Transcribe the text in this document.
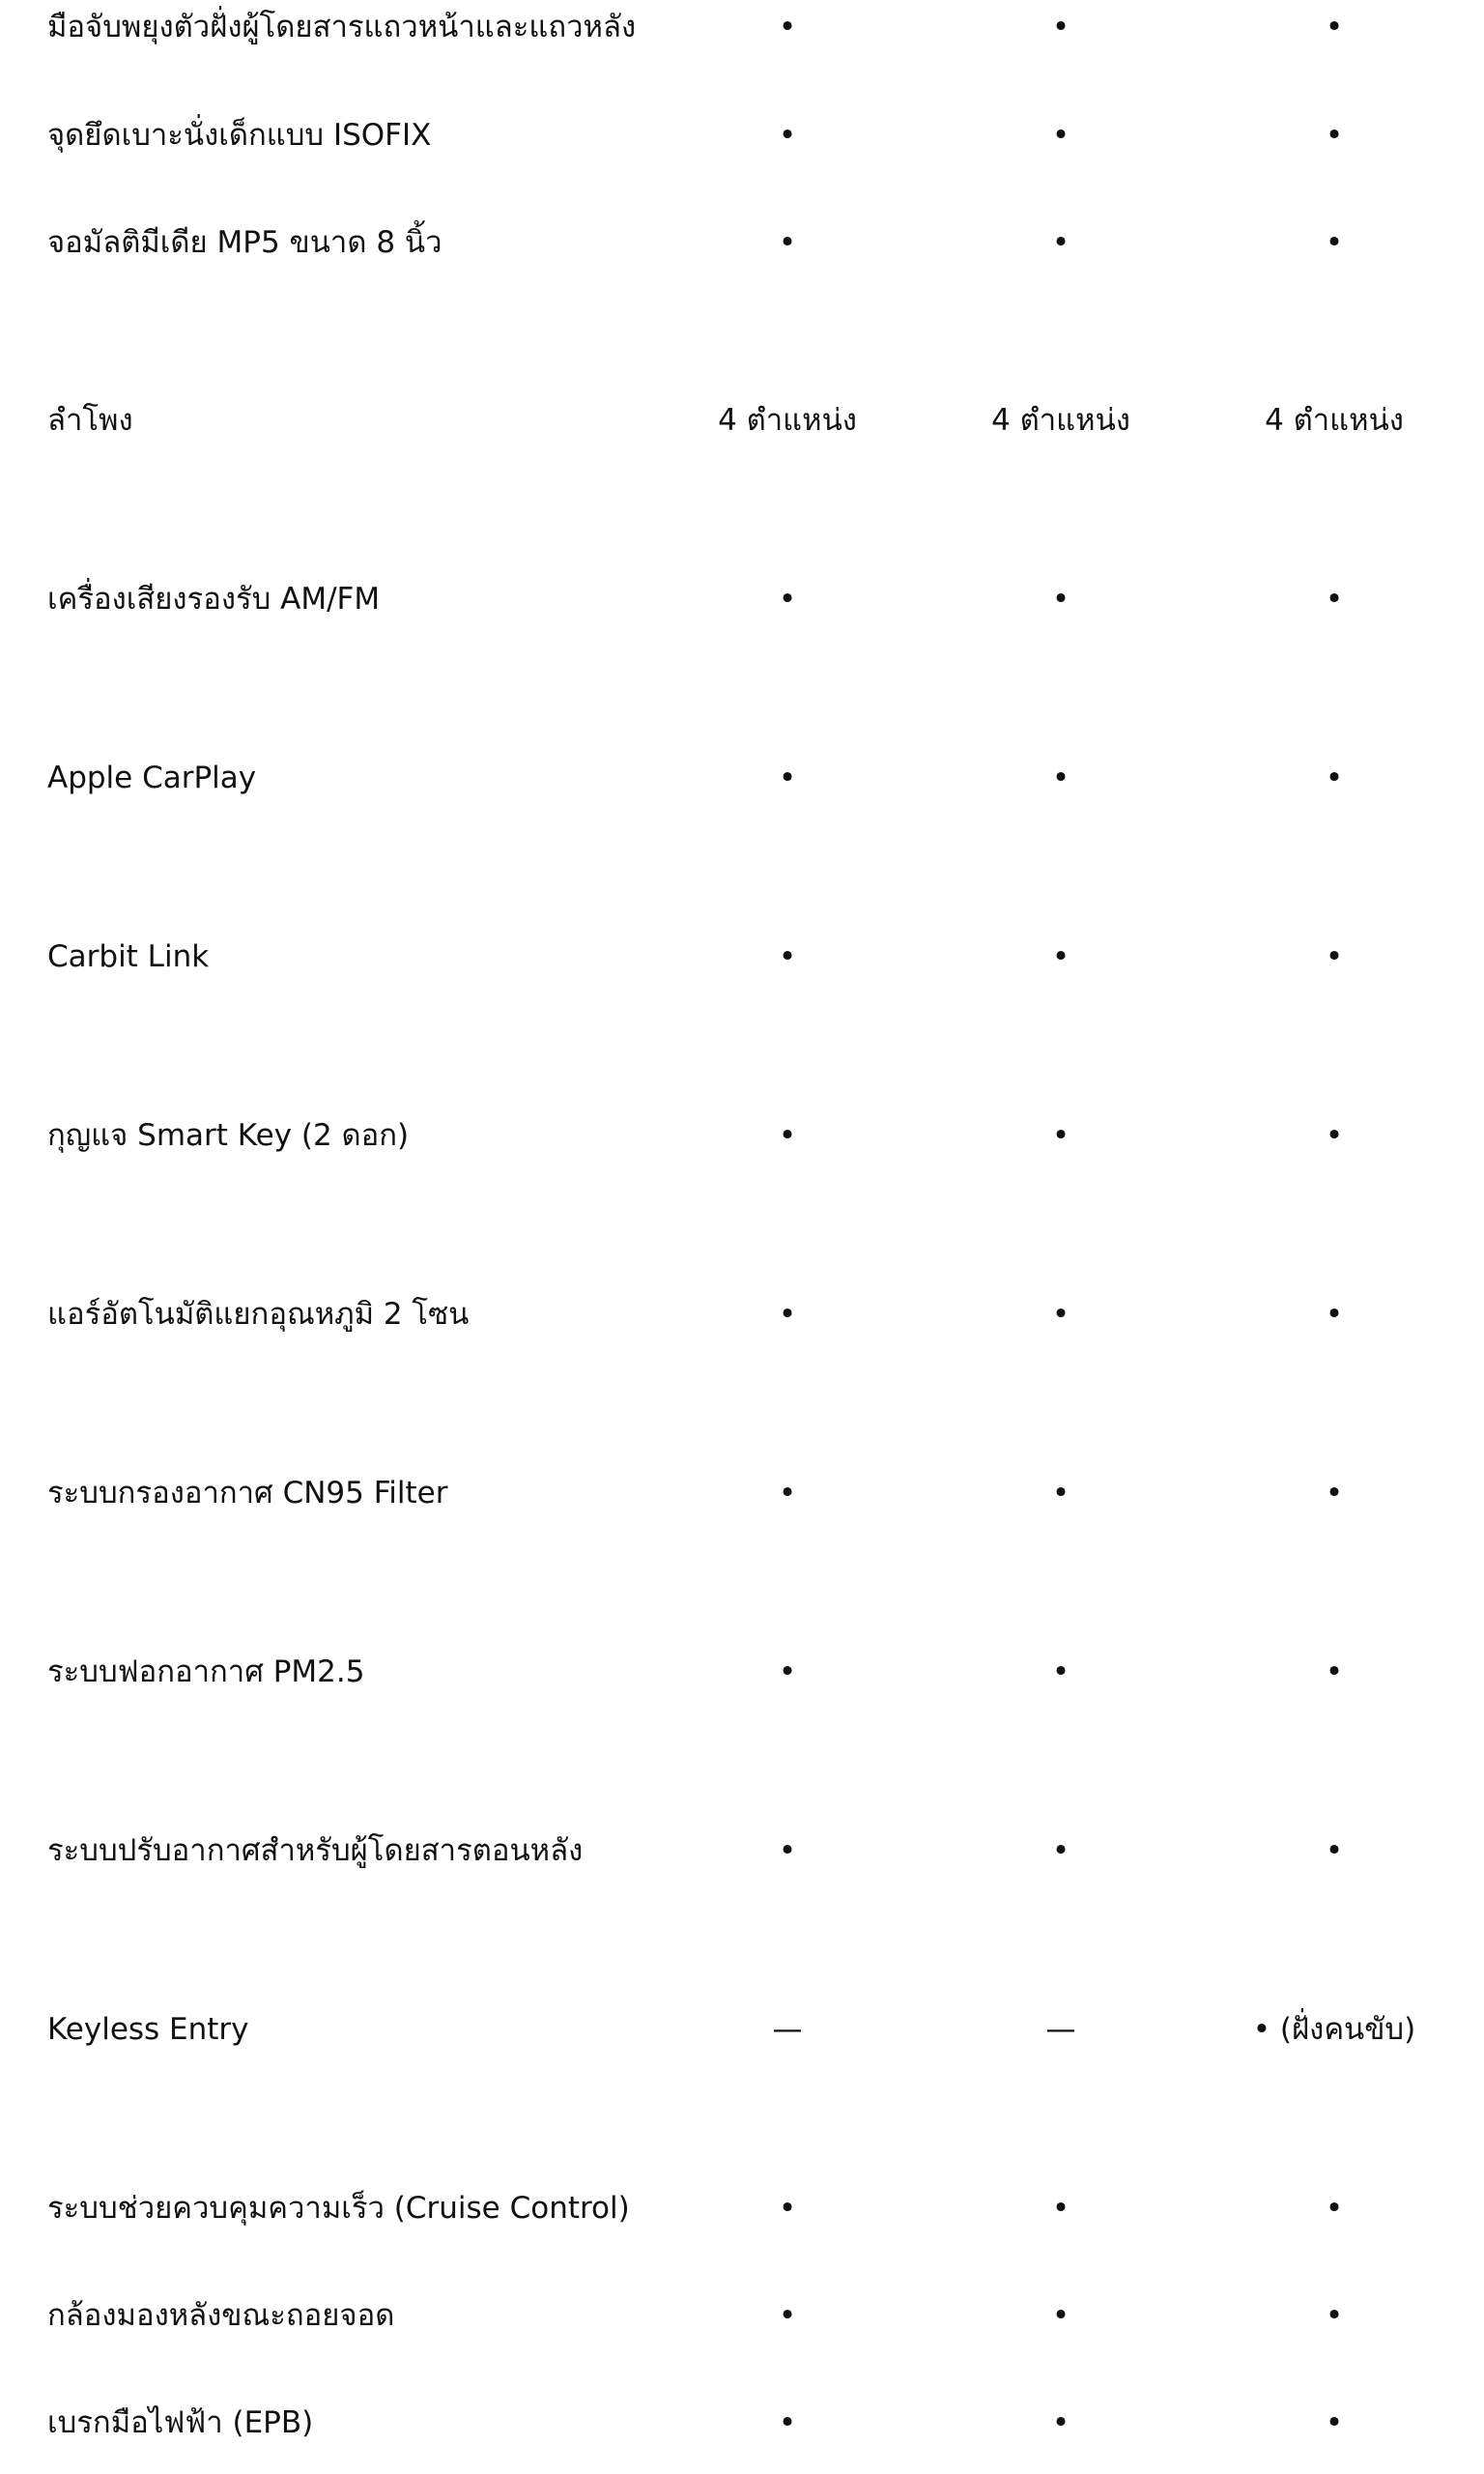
มือจับพยุงตัวฝั่งผู้โดยสารแถวหน้าและแถวหลัง	•	•	•
จุดยึดเบาะนั่งเด็กแบบ ISOFIX	•	•	•
จอมัลติมีเดีย MP5 ขนาด 8 นิ้ว	•	•	•
ลำโพง	4 ตำแหน่ง	4 ตำแหน่ง	4 ตำแหน่ง
เครื่องเสียงรองรับ AM/FM	•	•	•
Apple CarPlay	•	•	•
Carbit Link	•	•	•
กุญแจ Smart Key (2 ดอก)	•	•	•
แอร์อัตโนมัติแยกอุณหภูมิ 2 โซน	•	•	•
ระบบกรองอากาศ CN95 Filter	•	•	•
ระบบฟอกอากาศ PM2.5	•	•	•
ระบบปรับอากาศสำหรับผู้โดยสารตอนหลัง	•	•	•
Keyless Entry	—	—	• (ฝั่งคนขับ)
ระบบช่วยควบคุมความเร็ว (Cruise Control)	•	•	•
กล้องมองหลังขณะถอยจอด	•	•	•
เบรกมือไฟฟ้า (EPB)	•	•	•
